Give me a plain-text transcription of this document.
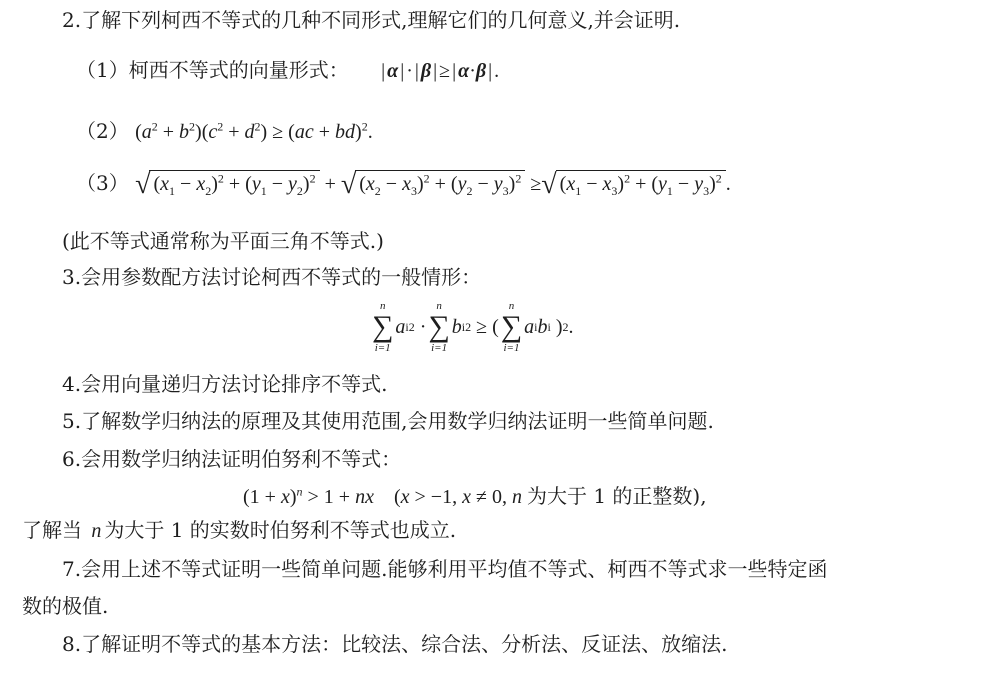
2.了解下列柯西不等式的几种不同形式,理解它们的几何意义,并会证明.
（1）柯西不等式的向量形式： | α | · | β | ≥ | α·β | .
（2） $(a^2 + b^2)(c^2 + d^2) \ge (ac + bd)^2$.
（3） √ $(x_1 - x_2)^2 + (y_1 - y_2)^2$ + √ $(x_2 - x_3)^2 + (y_2 - y_3)^2$ ≥√ $(x_1 - x_3)^2 + (y_1 - y_3)^2$ .
(此不等式通常称为平面三角不等式.)
3.会用参数配方法讨论柯西不等式的一般情形：
n
∑
i=1
a i 2 ·
n
∑
i=1
b i 2 ≥ (
n
∑
i=1
a i b i ) 2 .
4.会用向量递归方法讨论排序不等式.
5.了解数学归纳法的原理及其使用范围,会用数学归纳法证明一些简单问题.
6.会用数学归纳法证明伯努利不等式：
$(1 + x)^n > 1$ + nx    (x > −1, x ≠ 0, n 为大于 1 的正整数),
了解当 n 为大于 1 的实数时伯努利不等式也成立.
7.会用上述不等式证明一些简单问题.能够利用平均值不等式、柯西不等式求一些特定函
数的极值.
8.了解证明不等式的基本方法：比较法、综合法、分析法、反证法、放缩法.
